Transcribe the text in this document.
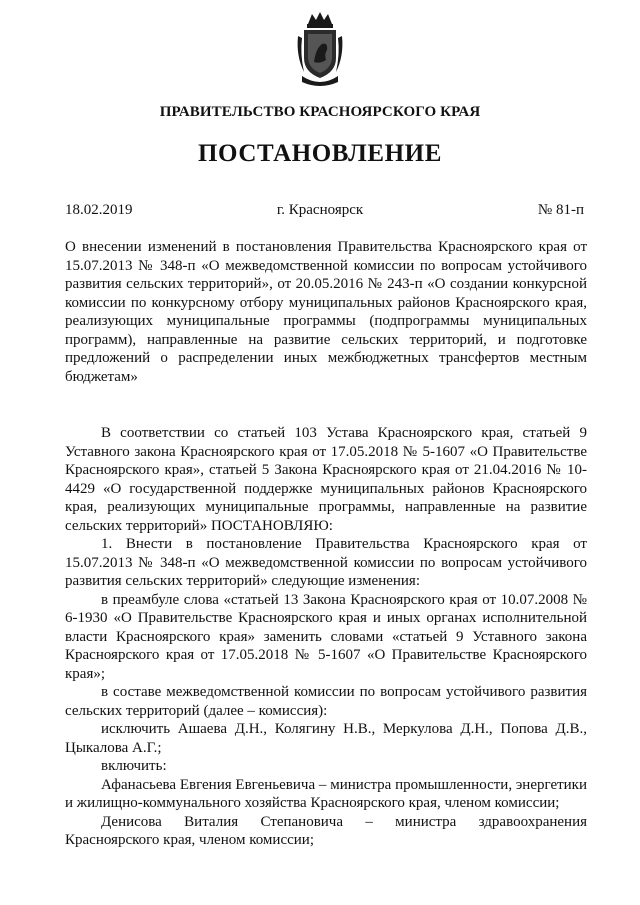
ПРАВИТЕЛЬСТВО КРАСНОЯРСКОГО КРАЯ
ПОСТАНОВЛЕНИЕ
18.02.2019	г. Красноярск	№ 81-п

О внесении изменений в постановления Правительства Красноярского края от 15.07.2013 № 348-п «О межведомственной комиссии по вопросам устойчивого развития сельских территорий», от 20.05.2016 № 243-п «О создании конкурсной комиссии по конкурсному отбору муниципальных районов Красноярского края, реализующих муниципальные программы (подпрограммы муниципальных программ), направленные на развитие сельских территорий, и подготовке предложений о распределении иных межбюджетных трансфертов местным бюджетам»

В соответствии со статьей 103 Устава Красноярского края, статьей 9 Уставного закона Красноярского края от 17.05.2018 № 5-1607 «О Правительстве Красноярского края», статьей 5 Закона Красноярского края от 21.04.2016 № 10-4429 «О государственной поддержке муниципальных районов Красноярского края, реализующих муниципальные программы, направленные на развитие сельских территорий» ПОСТАНОВЛЯЮ:

1. Внести в постановление Правительства Красноярского края от 15.07.2013 № 348-п «О межведомственной комиссии по вопросам устойчивого развития сельских территорий» следующие изменения:

в преамбуле слова «статьей 13 Закона Красноярского края от 10.07.2008 № 6-1930 «О Правительстве Красноярского края и иных органах исполнительной власти Красноярского края» заменить словами «статьей 9 Уставного закона Красноярского края от 17.05.2018 № 5-1607 «О Правительстве Красноярского края»;

в составе межведомственной комиссии по вопросам устойчивого развития сельских территорий (далее – комиссия):

исключить Ашаева Д.Н., Колягину Н.В., Меркулова Д.Н., Попова Д.В., Цыкалова А.Г.;

включить:

Афанасьева Евгения Евгеньевича – министра промышленности, энергетики и жилищно-коммунального хозяйства Красноярского края, членом комиссии;

Денисова Виталия Степановича – министра здравоохранения Красноярского края, членом комиссии;
